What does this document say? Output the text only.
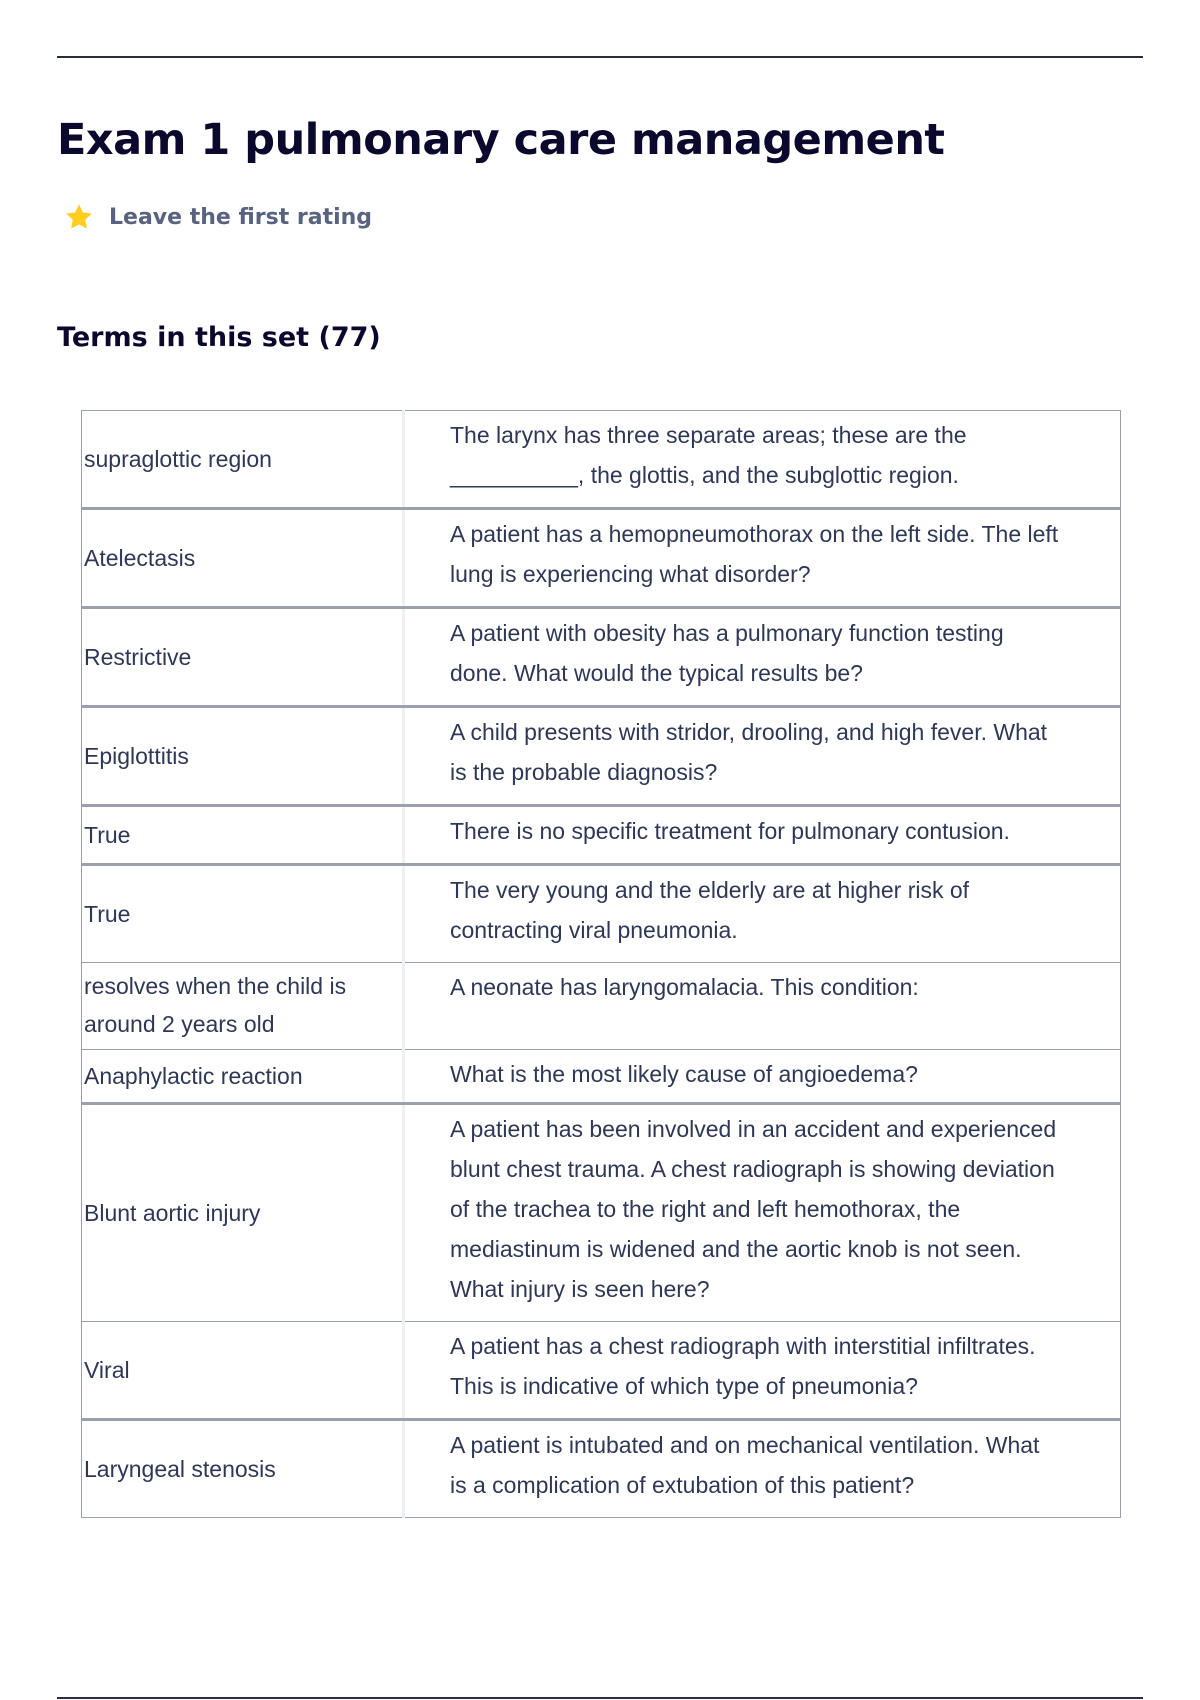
Exam 1 pulmonary care management
Leave the first rating
Terms in this set (77)
supraglottic region	The larynx has three separate areas; these are the __________, the glottis, and the subglottic region.
Atelectasis	A patient has a hemopneumothorax on the left side. The left lung is experiencing what disorder?
Restrictive	A patient with obesity has a pulmonary function testing done. What would the typical results be?
Epiglottitis	A child presents with stridor, drooling, and high fever. What is the probable diagnosis?
True	There is no specific treatment for pulmonary contusion.
True	The very young and the elderly are at higher risk of contracting viral pneumonia.
resolves when the child is around 2 years old	A neonate has laryngomalacia. This condition:
Anaphylactic reaction	What is the most likely cause of angioedema?
Blunt aortic injury	A patient has been involved in an accident and experienced blunt chest trauma. A chest radiograph is showing deviation of the trachea to the right and left hemothorax, the mediastinum is widened and the aortic knob is not seen. What injury is seen here?
Viral	A patient has a chest radiograph with interstitial infiltrates. This is indicative of which type of pneumonia?
Laryngeal stenosis	A patient is intubated and on mechanical ventilation. What is a complication of extubation of this patient?
